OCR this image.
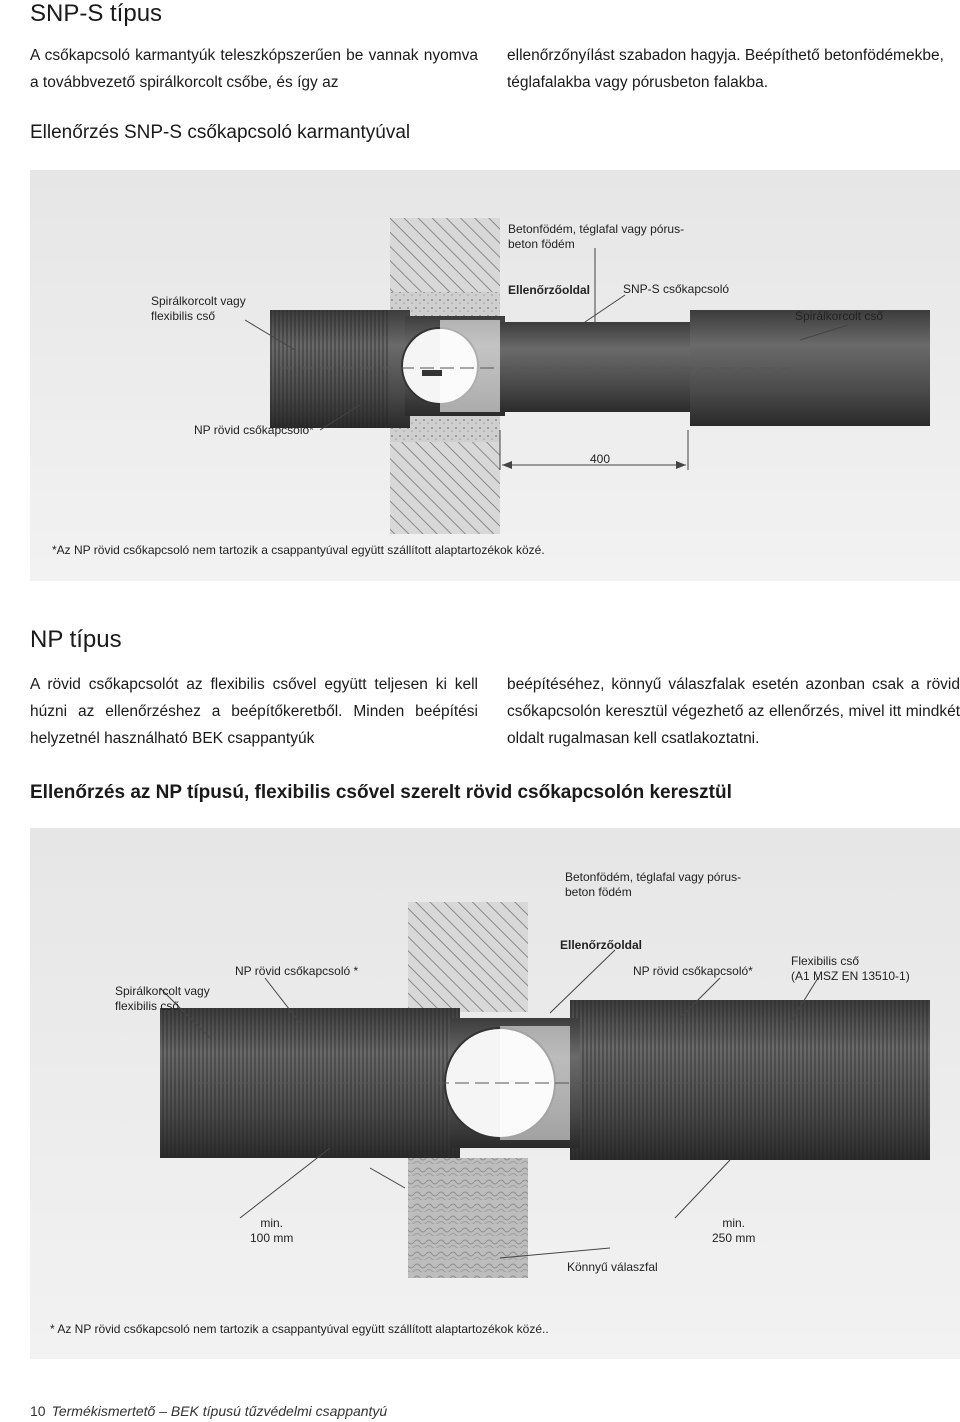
SNP-S típus
A csőkapcsoló karmantyúk teleszkópszerűen be vannak nyomva a továbbvezető spirálkorcolt csőbe, és így az
ellenőrzőnyílást szabadon hagyja. Beépíthető betonfödémekbe, téglafalakba vagy pórusbeton falakba.
Ellenőrzés SNP-S csőkapcsoló karmantyúval
Betonfödém, téglafal vagy pórus-
beton födém
Spirálkorcolt vagy
flexibilis cső
Ellenőrzőoldal	SNP-S csőkapcsoló
Spirálkorcolt cső
NP rövid csőkapcsoló*
400
*Az NP rövid csőkapcsoló nem tartozik a csappantyúval együtt szállított alaptartozékok közé.
NP típus
A rövid csőkapcsolót az flexibilis csővel együtt teljesen ki kell húzni az ellenőrzéshez a beépítőkeretből. Minden beépítési helyzetnél használható BEK csappantyúk
beépítéséhez, könnyű válaszfalak esetén azonban csak a rövid csőkapcsolón keresztül végezhető az ellenőrzés, mivel itt mindkét oldalt rugalmasan kell csatlakoztatni.
Ellenőrzés az NP típusú, flexibilis csővel szerelt rövid csőkapcsolón keresztül
Betonfödém, téglafal vagy pórus-
beton födém
Ellenőrzőoldal
Spirálkorcolt vagy
flexibilis cső
NP rövid csőkapcsoló *	NP rövid csőkapcsoló*
Flexibilis cső
(A1 MSZ EN 13510-1)
min.
100 mm
min.
250 mm
Könnyű válaszfal
* Az NP rövid csőkapcsoló nem tartozik a csappantyúval együtt szállított alaptartozékok közé..
10 Termékismertető – BEK típusú tűzvédelmi csappantyú
